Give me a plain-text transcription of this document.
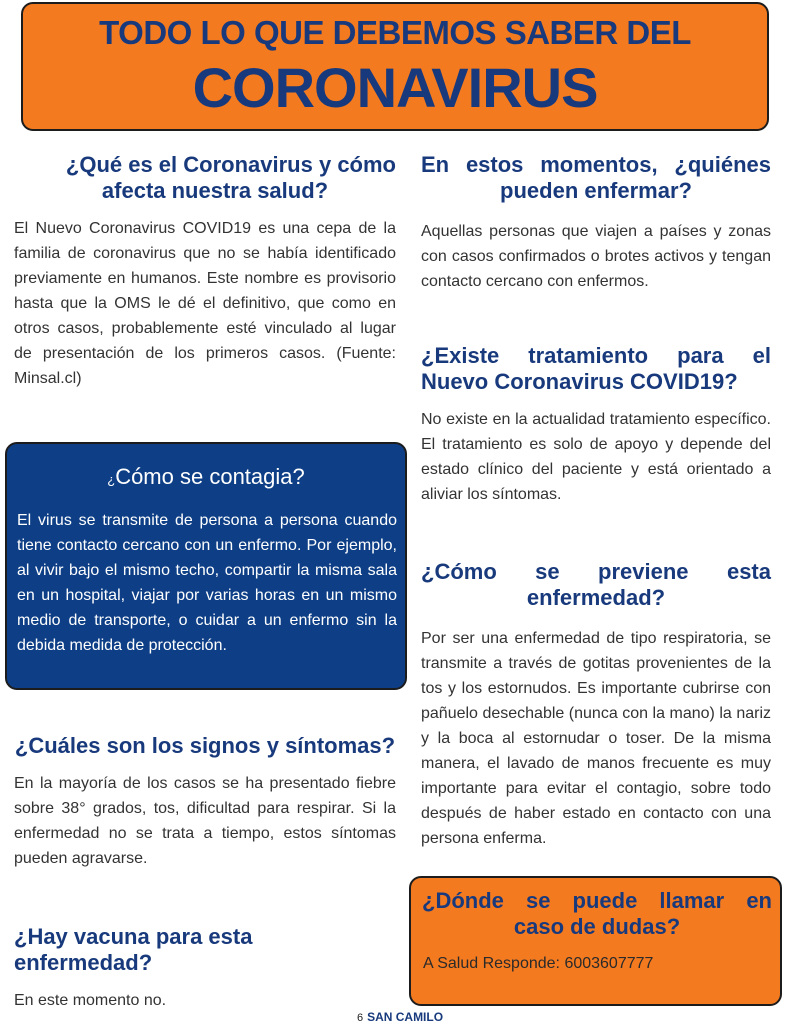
TODO LO QUE DEBEMOS SABER DEL
CORONAVIRUS
¿Qué es el Coronavirus y cómo
afecta nuestra salud?

El Nuevo Coronavirus COVID19 es una cepa de la familia de coronavirus que no se había identificado previamente en humanos. Este nombre es provisorio hasta que la OMS le dé el definitivo, que como en otros casos, probablemente esté vinculado al lugar de presentación de los primeros casos. (Fuente: Minsal.cl)

¿Cómo se contagia?

El virus se transmite de persona a persona cuando tiene contacto cercano con un enfermo. Por ejemplo, al vivir bajo el mismo techo, compartir la misma sala en un hospital, viajar por varias horas en un mismo medio de transporte, o cuidar a un enfermo sin la debida medida de protección.

¿Cuáles son los signos y síntomas?

En la mayoría de los casos se ha presentado fiebre sobre 38° grados, tos, dificultad para respirar. Si la enfermedad no se trata a tiempo, estos síntomas pueden agravarse.

¿Hay vacuna para esta enfermedad?

En este momento no.

En estos momentos, ¿quiénes
pueden enfermar?

Aquellas personas que viajen a países y zonas con casos confirmados o brotes activos y tengan contacto cercano con enfermos.

¿Existe tratamiento para el
Nuevo Coronavirus COVID19?

No existe en la actualidad tratamiento específico. El tratamiento es solo de apoyo y depende del estado clínico del paciente y está orientado a aliviar los síntomas.

¿Cómo se previene esta
enfermedad?

Por ser una enfermedad de tipo respiratoria, se transmite a través de gotitas provenientes de la tos y los estornudos. Es importante cubrirse con pañuelo desechable (nunca con la mano) la nariz y la boca al estornudar o toser. De la misma manera, el lavado de manos frecuente es muy importante para evitar el contagio, sobre todo después de haber estado en contacto con una persona enferma.

¿Dónde se puede llamar en
caso de dudas?
A Salud Responde: 6003607777
6 SAN CAMILO
